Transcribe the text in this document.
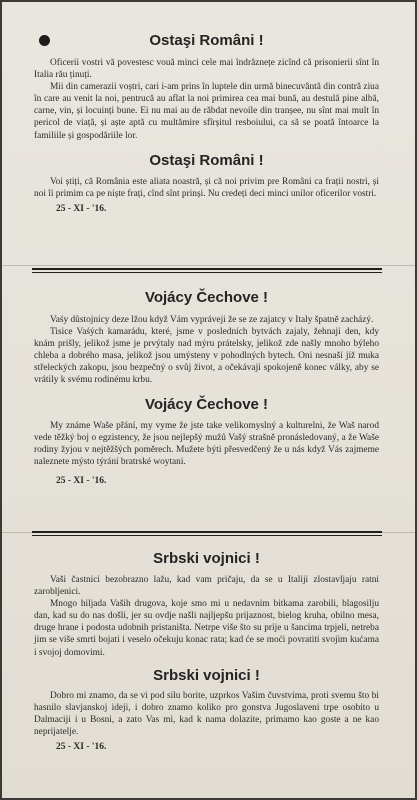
Ostaşi Români !

Oficerii vostri vă povestesc vouă minci cele mai îndrăznețe zicînd că prisonierii sînt în Italia rău ținuți.

Mii din camerazii voștri, cari i-am prins în luptele din urmă binecuvântă din contră ziua în care au venit la noi, pentrucă au aflat la noi primirea cea mai bună, au destulă pine albă, carne, vin, și locuinți bune. Ei nu mai au de răbdat nevoile din tranșee, nu sînt mai mult în pericol de viață, și aște aptă cu multămire sfîrșitul resboiului, ca să se poată întoarce la familiile și gospodăriile lor.

Ostaşi Români !

Voi știți, că România este aliata noastră, și că noi privim pre Români ca frații nostri, și noi îi primim ca pe niște frați, cînd sînt prinși. Nu credeți deci minci unilor oficerilor vostri.

25 - XI - '16.

Vojácy Čechove !

Vaśy důstojnicy deze lžou když Vám vypráveji že se ze zajatcy v Italy špatně zacházý.

Tisice Vaśých kamarádu, které, jsme v posledních bytvách zajaly, žehnaji den, kdy knám prišly, jelikož jsme je prvýtaly nad mýru prátelsky, jelikož zde našly mnoho býleho chleba a dobrého masa, jelikož jsou umýsteny v pohodlných bytech. Oni nesnaší již muka střeleckých zakopu, jsou bezpečný o svůj život, a očekávají spokojeně konec války, aby se vrátily k svému rodinému krbu.

Vojácy Čechove !

My známe Waše přání, my vyme že jste take velikomyslný a kulturelni, že Waš narod vede těžký boj o egzistency, že jsou nejlepšý mužů Vašý strašně pronásledovaný, a že Waše rodiny žyjou v nejtěžšých poměrech. Mužete býti přesvedčený že u nás když Vás zajmeme naleznete mýsto týrání bratrské woytani.

25 - XI - '16.

Srbski vojnici !

Vaši častnici bezobrazno lažu, kad vam pričaju, da se u Italiji zlostavljaju ratni zarobljenici.

Mnogo hiljada Vaših drugova, koje smo mi u nedavnim bitkama zarobili, blagosilju dan, kad su do nas došli, jer su ovdje našli najljepšu prijaznost, bielog kruha, obilno mesa, druge hrane i podosta udobnih pristaništa. Netrpe više što su prije u šancima trpjeli, netreba jim se više smrti bojati i veselo očekuju konac rata; kad će se moći povratiti svojim kućama i svojoj domovimi.

Srbski vojnici !

Dobro mi znamo, da se vi pod silu borite, uzprkos Vašim čuvstvima, proti svemu što bi hasnilo slavjanskoj ideji, i dobro znamo koliko pro gonstva Jugoslaveni trpe osobito u Dalmaciji i u Bosni, a zato Vas mi, kad k nama dolazite, primamo kao goste a ne kao neprijatelje.

25 - XI - '16.
